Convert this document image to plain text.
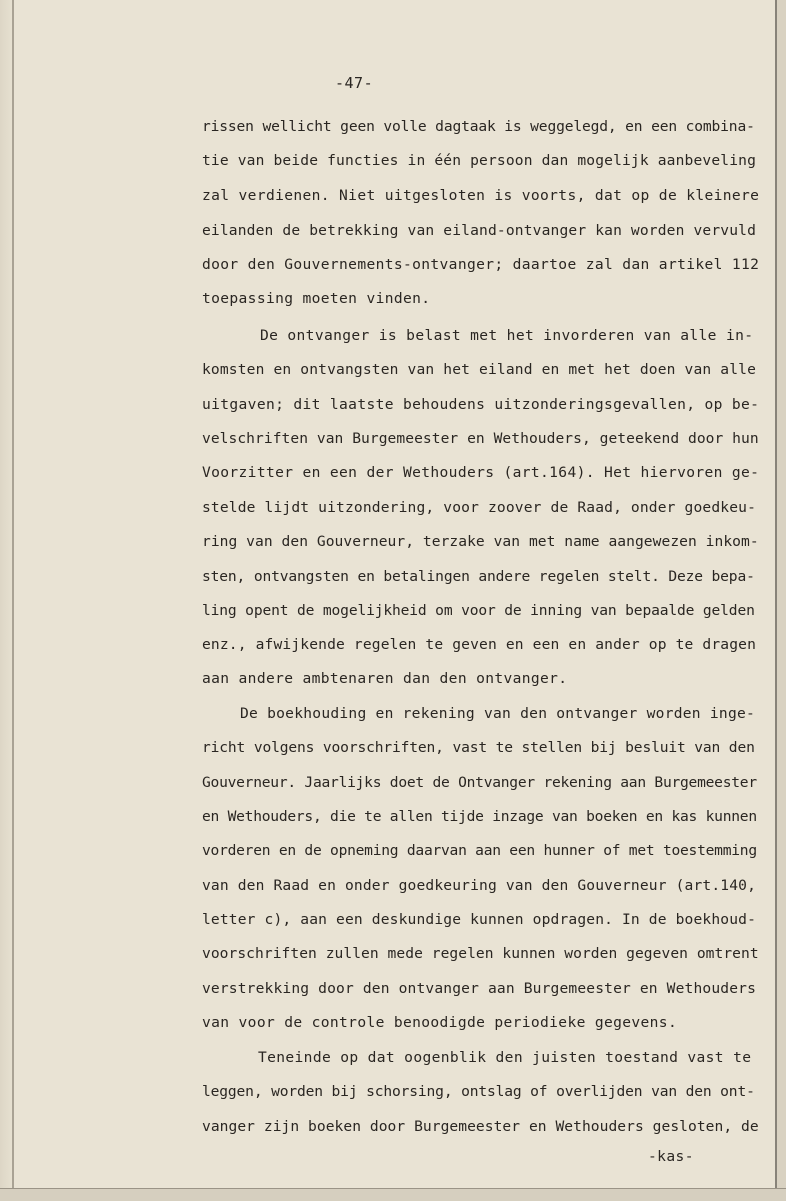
-47-
rissen wellicht geen volle dagtaak is weggelegd, en een combina-
tie van beide functies in één persoon dan mogelijk aanbeveling
zal verdienen. Niet uitgesloten is voorts, dat op de kleinere
eilanden de betrekking van eiland-ontvanger kan worden vervuld
door den Gouvernements-ontvanger; daartoe zal dan artikel 112
toepassing moeten vinden.
De ontvanger is belast met het invorderen van alle in-
komsten en ontvangsten van het eiland en met het doen van alle
uitgaven; dit laatste behoudens uitzonderingsgevallen, op be-
velschriften van Burgemeester en Wethouders, geteekend door hun
Voorzitter en een der Wethouders (art.164). Het hiervoren ge-
stelde lijdt uitzondering, voor zoover de Raad, onder goedkeu-
ring van den Gouverneur, terzake van met name aangewezen inkom-
sten, ontvangsten en betalingen andere regelen stelt. Deze bepa-
ling opent de mogelijkheid om voor de inning van bepaalde gelden
enz., afwijkende regelen te geven en een en ander op te dragen
aan andere ambtenaren dan den ontvanger.
De boekhouding en rekening van den ontvanger worden inge-
richt volgens voorschriften, vast te stellen bij besluit van den
Gouverneur. Jaarlijks doet de Ontvanger rekening aan Burgemeester
en Wethouders, die te allen tijde inzage van boeken en kas kunnen
vorderen en de opneming daarvan aan een hunner of met toestemming
van den Raad en onder goedkeuring van den Gouverneur (art.140,
letter c), aan een deskundige kunnen opdragen. In de boekhoud-
voorschriften zullen mede regelen kunnen worden gegeven omtrent
verstrekking door den ontvanger aan Burgemeester en Wethouders
van voor de controle benoodigde periodieke gegevens.
Teneinde op dat oogenblik den juisten toestand vast te
leggen, worden bij schorsing, ontslag of overlijden van den ont-
vanger zijn boeken door Burgemeester en Wethouders gesloten, de
-kas-
